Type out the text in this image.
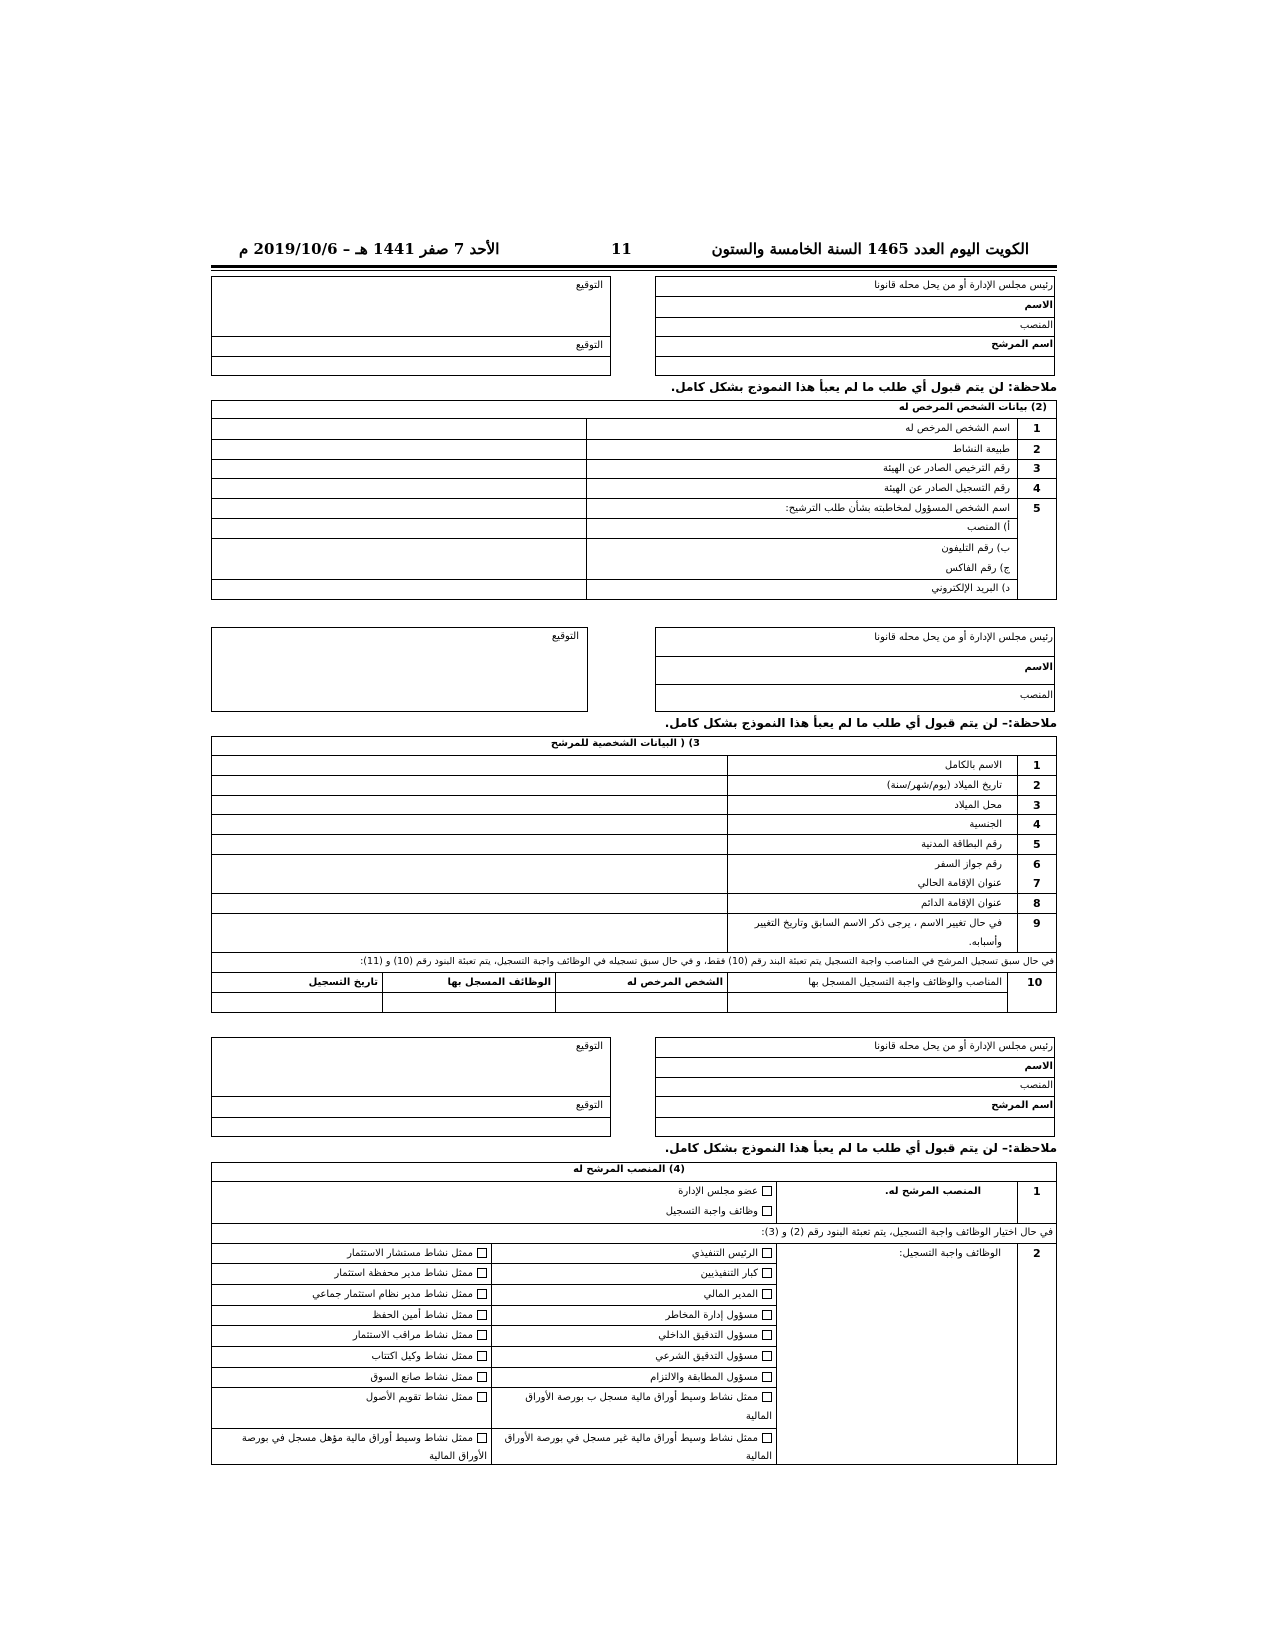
الكويت اليوم العدد 1465 السنة الخامسة والستون
11
الأحد 7 صفر 1441 هـ – 2019/10/6 م
رئيس مجلس الإدارة أو من يحل محله قانونا
الاسم
المنصب
اسم المرشح
التوقيع
التوقيع
ملاحظة: لن يتم قبول أي طلب ما لم يعبأ هذا النموذج بشكل كامل.
(2) بيانات الشخص المرخص له
1
اسم الشخص المرخص له
2
طبيعة النشاط
3
رقم الترخيص الصادر عن الهيئة
4
رقم التسجيل الصادر عن الهيئة
5
اسم الشخص المسؤول لمخاطبته بشأن طلب الترشيح:
أ) المنصب
ب) رقم التليفون
ج) رقم الفاكس
د) البريد الإلكتروني
رئيس مجلس الإدارة أو من يحل محله قانونا
الاسم
المنصب
التوقيع
ملاحظة:– لن يتم قبول أي طلب ما لم يعبأ هذا النموذج بشكل كامل.
3) ( البيانات الشخصية للمرشح
1
الاسم بالكامل
2
تاريخ الميلاد (يوم/شهر/سنة)
3
محل الميلاد
4
الجنسية
5
رقم البطاقة المدنية
6
رقم جواز السفر
7
عنوان الإقامة الحالي
8
عنوان الإقامة الدائم
9
في حال تغيير الاسم ، يرجى ذكر الاسم السابق وتاريخ التغيير
وأسبابه.
في حال سبق تسجيل المرشح في المناصب واجبة التسجيل يتم تعبئة البند رقم (10) فقط، و في حال سبق تسجيله في الوظائف واجبة التسجيل، يتم تعبئة البنود رقم (10) و (11):
10
المناصب والوظائف واجبة التسجيل المسجل بها
الشخص المرخص له
الوظائف المسجل بها
تاريخ التسجيل
رئيس مجلس الإدارة أو من يحل محله قانونا
الاسم
المنصب
اسم المرشح
التوقيع
التوقيع
ملاحظة:– لن يتم قبول أي طلب ما لم يعبأ هذا النموذج بشكل كامل.
(4) المنصب المرشح له
1
المنصب المرشح له.
عضو مجلس الإدارة
وظائف واجبة التسجيل
في حال اختيار الوظائف واجبة التسجيل، يتم تعبئة البنود رقم (2) و (3):
2
الوظائف واجبة التسجيل:
الرئيس التنفيذي
كبار التنفيذيين
المدير المالي
مسؤول إدارة المخاطر
مسؤول التدقيق الداخلي
مسؤول التدقيق الشرعي
مسؤول المطابقة والالتزام
ممثل نشاط وسيط أوراق مالية مسجل ب بورصة الأوراق
المالية
ممثل نشاط وسيط أوراق مالية غير مسجل في بورصة الأوراق
المالية
ممثل نشاط مستشار الاستثمار
ممثل نشاط مدير محفظة استثمار
ممثل نشاط مدير نظام استثمار جماعي
ممثل نشاط أمين الحفظ
ممثل نشاط مراقب الاستثمار
ممثل نشاط وكيل اكتتاب
ممثل نشاط صانع السوق
ممثل نشاط تقويم الأصول
ممثل نشاط وسيط أوراق مالية مؤهل مسجل في بورصة
الأوراق المالية
